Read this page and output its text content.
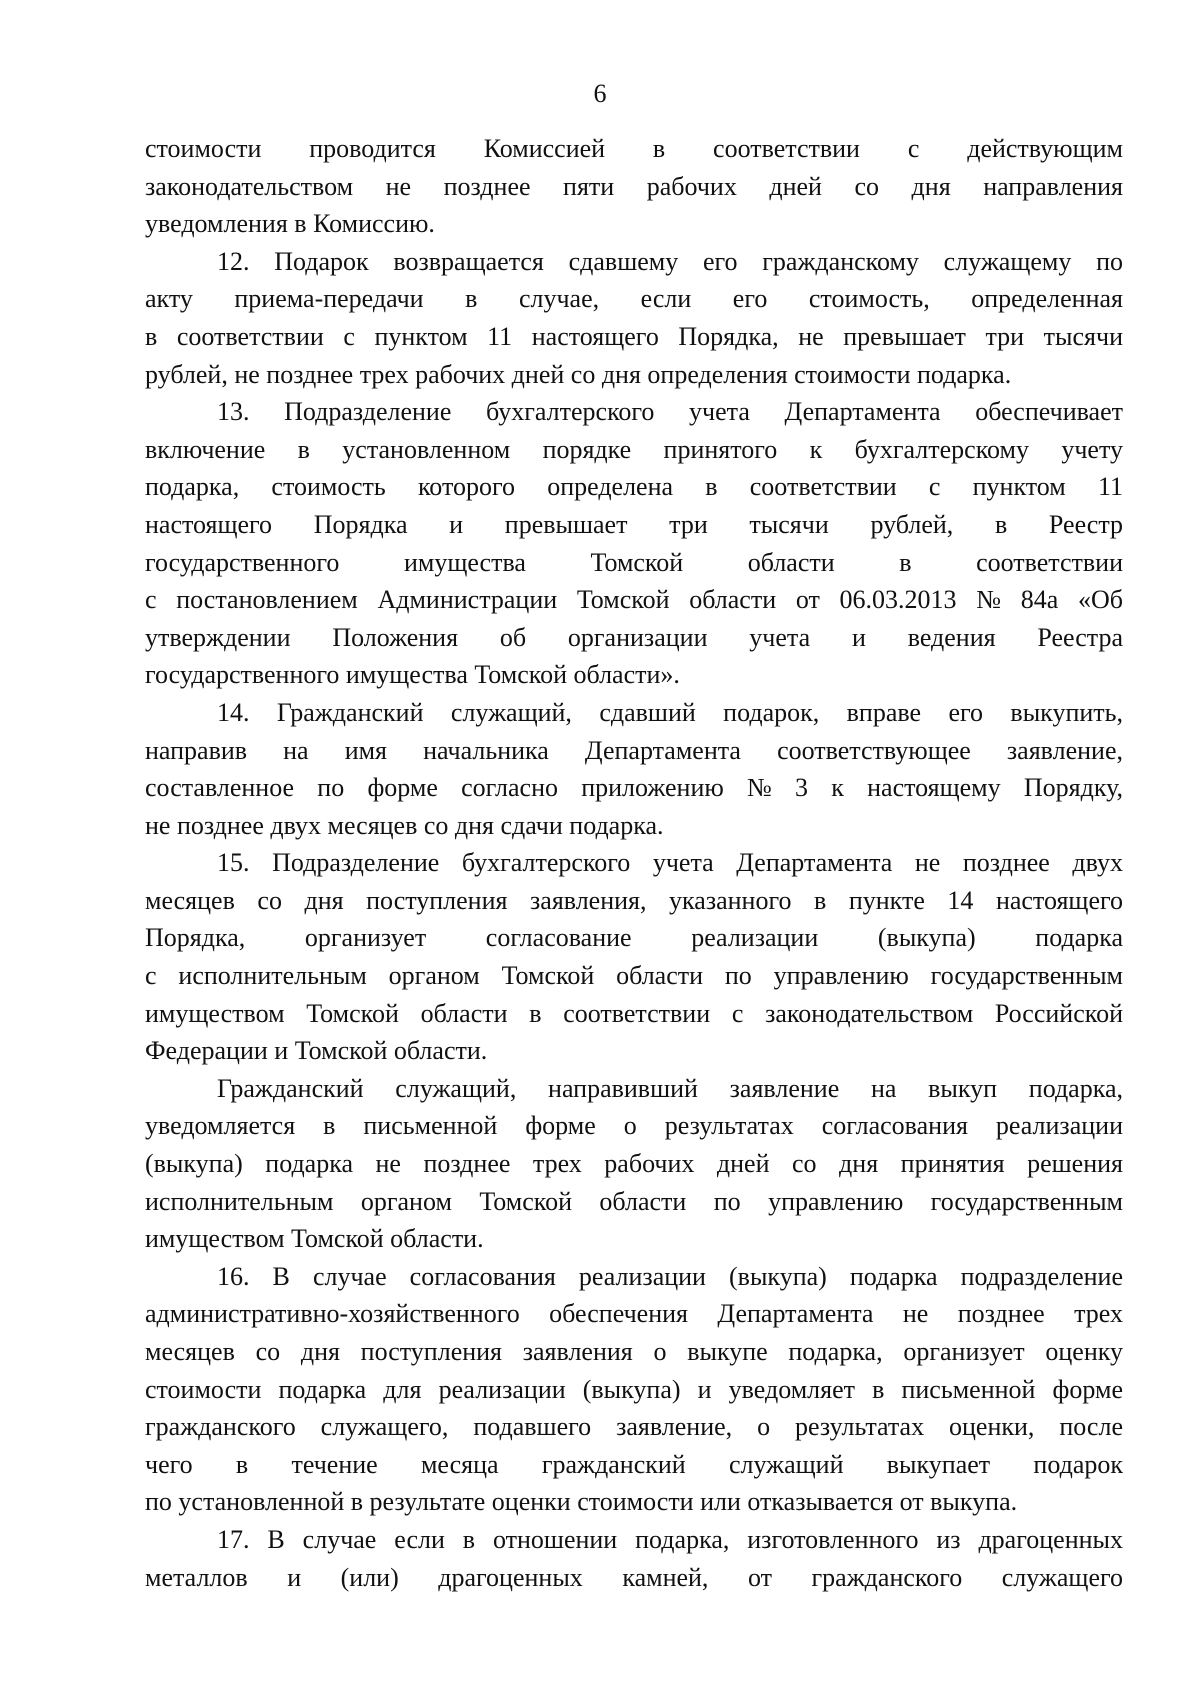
6
стоимости проводится Комиссией в соответствии с действующим
законодательством не позднее пяти рабочих дней со дня направления
уведомления в Комиссию.
12. Подарок возвращается сдавшему его гражданскому служащему по
акту приема-передачи в случае, если его стоимость, определенная
в соответствии с пунктом 11 настоящего Порядка, не превышает три тысячи
рублей, не позднее трех рабочих дней со дня определения стоимости подарка.
13. Подразделение бухгалтерского учета Департамента обеспечивает
включение в установленном порядке принятого к бухгалтерскому учету
подарка, стоимость которого определена в соответствии с пунктом 11
настоящего Порядка и превышает три тысячи рублей, в Реестр
государственного имущества Томской области в соответствии
с постановлением Администрации Томской области от 06.03.2013 № 84а «Об
утверждении Положения об организации учета и ведения Реестра
государственного имущества Томской области».
14. Гражданский служащий, сдавший подарок, вправе его выкупить,
направив на имя начальника Департамента соответствующее заявление,
составленное по форме согласно приложению № 3 к настоящему Порядку,
не позднее двух месяцев со дня сдачи подарка.
15. Подразделение бухгалтерского учета Департамента не позднее двух
месяцев со дня поступления заявления, указанного в пункте 14 настоящего
Порядка, организует согласование реализации (выкупа) подарка
с исполнительным органом Томской области по управлению государственным
имуществом Томской области в соответствии с законодательством Российской
Федерации и Томской области.
Гражданский служащий, направивший заявление на выкуп подарка,
уведомляется в письменной форме о результатах согласования реализации
(выкупа) подарка не позднее трех рабочих дней со дня принятия решения
исполнительным органом Томской области по управлению государственным
имуществом Томской области.
16. В случае согласования реализации (выкупа) подарка подразделение
административно-хозяйственного обеспечения Департамента не позднее трех
месяцев со дня поступления заявления о выкупе подарка, организует оценку
стоимости подарка для реализации (выкупа) и уведомляет в письменной форме
гражданского служащего, подавшего заявление, о результатах оценки, после
чего в течение месяца гражданский служащий выкупает подарок
по установленной в результате оценки стоимости или отказывается от выкупа.
17. В случае если в отношении подарка, изготовленного из драгоценных
металлов и (или) драгоценных камней, от гражданского служащего
